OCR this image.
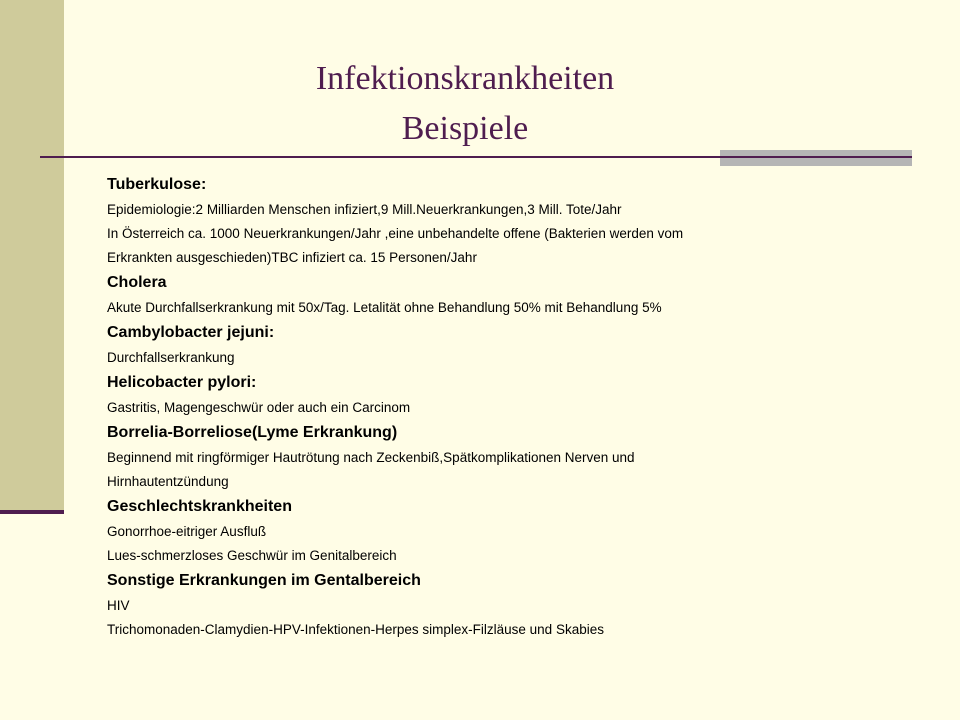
Infektionskrankheiten
Beispiele
Tuberkulose:
Epidemiologie:2 Milliarden Menschen infiziert,9 Mill.Neuerkrankungen,3 Mill. Tote/Jahr
In Österreich ca. 1000 Neuerkrankungen/Jahr ,eine unbehandelte offene (Bakterien werden vom
Erkrankten ausgeschieden)TBC infiziert ca. 15 Personen/Jahr
Cholera
Akute Durchfallserkrankung mit 50x/Tag. Letalität ohne Behandlung 50% mit Behandlung 5%
Cambylobacter jejuni:
Durchfallserkrankung
Helicobacter pylori:
Gastritis, Magengeschwür oder auch ein Carcinom
Borrelia-Borreliose(Lyme Erkrankung)
Beginnend mit ringförmiger Hautrötung nach Zeckenbiß,Spätkomplikationen Nerven und
Hirnhautentzündung
Geschlechtskrankheiten
Gonorrhoe-eitriger Ausfluß
Lues-schmerzloses Geschwür im Genitalbereich
Sonstige Erkrankungen im Gentalbereich
HIV
Trichomonaden-Clamydien-HPV-Infektionen-Herpes simplex-Filzläuse und Skabies
